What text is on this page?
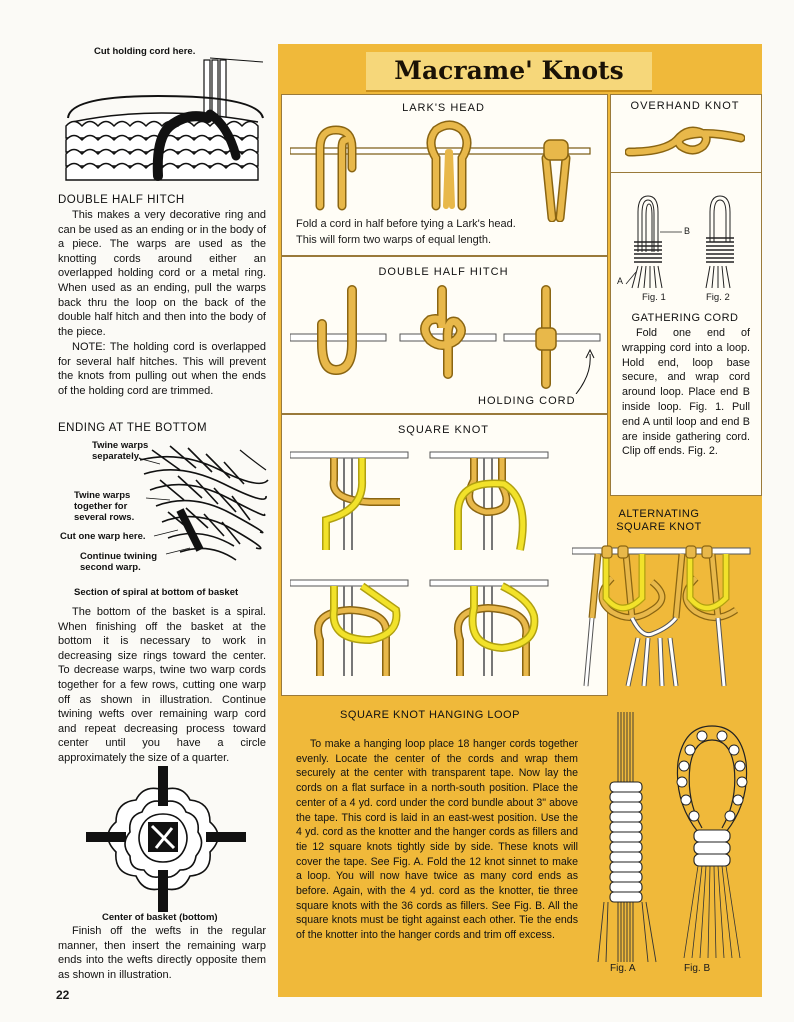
Cut holding cord here.
DOUBLE HALF HITCH
This makes a very decorative ring and can be used as an ending or in the body of a piece. The warps are used as the knotting cords around either an overlapped holding cord or a metal ring. When used as an ending, pull the warps back thru the loop on the back of the double half hitch and then into the body of the piece.
NOTE: The holding cord is overlapped for several half hitches. This will prevent the knots from pulling out when the ends of the holding cord are trimmed.
ENDING AT THE BOTTOM
Twine warps separately.
Twine warps together for several rows.
Cut one warp here.
Continue twining second warp.
Section of spiral at bottom of basket
The bottom of the basket is a spiral. When finishing off the basket at the bottom it is necessary to work in decreasing size rings toward the center. To decrease warps, twine two warp cords together for a few rows, cutting one warp off as shown in illustration. Continue twining wefts over remaining warp cord and repeat decreasing process toward center until you have a circle approximately the size of a quarter.
Center of basket (bottom)
Finish off the wefts in the regular manner, then insert the remaining warp ends into the wefts directly opposite them as shown in illustration.
22
Macrame' Knots
LARK'S HEAD
Fold a cord in half before tying a Lark's head.
This will form two warps of equal length.
OVERHAND KNOT
B
A
Fig. 1	Fig. 2
GATHERING CORD
Fold one end of wrapping cord into a loop. Hold end, loop base secure, and wrap cord around loop. Place end B inside loop. Fig. 1. Pull end A until loop and end B are inside gathering cord. Clip off ends. Fig. 2.
DOUBLE HALF HITCH
HOLDING CORD
SQUARE KNOT
ALTERNATING
SQUARE KNOT
SQUARE KNOT HANGING LOOP
To make a hanging loop place 18 hanger cords together evenly. Locate the center of the cords and wrap them securely at the center with transparent tape. Now lay the cords on a flat surface in a north-south position. Place the center of a 4 yd. cord under the cord bundle about 3" above the tape. This cord is laid in an east-west position. Use the 4 yd. cord as the knotter and the hanger cords as fillers and tie 12 square knots tightly side by side. These knots will cover the tape. See Fig. A. Fold the 12 knot sinnet to make a loop. You will now have twice as many cord ends as before. Again, with the 4 yd. cord as the knotter, tie three square knots with the 36 cords as fillers. See Fig. B. All the square knots must be tight against each other. Tie the ends of the knotter into the hanger cords and trim off excess.
Fig. A	Fig. B
